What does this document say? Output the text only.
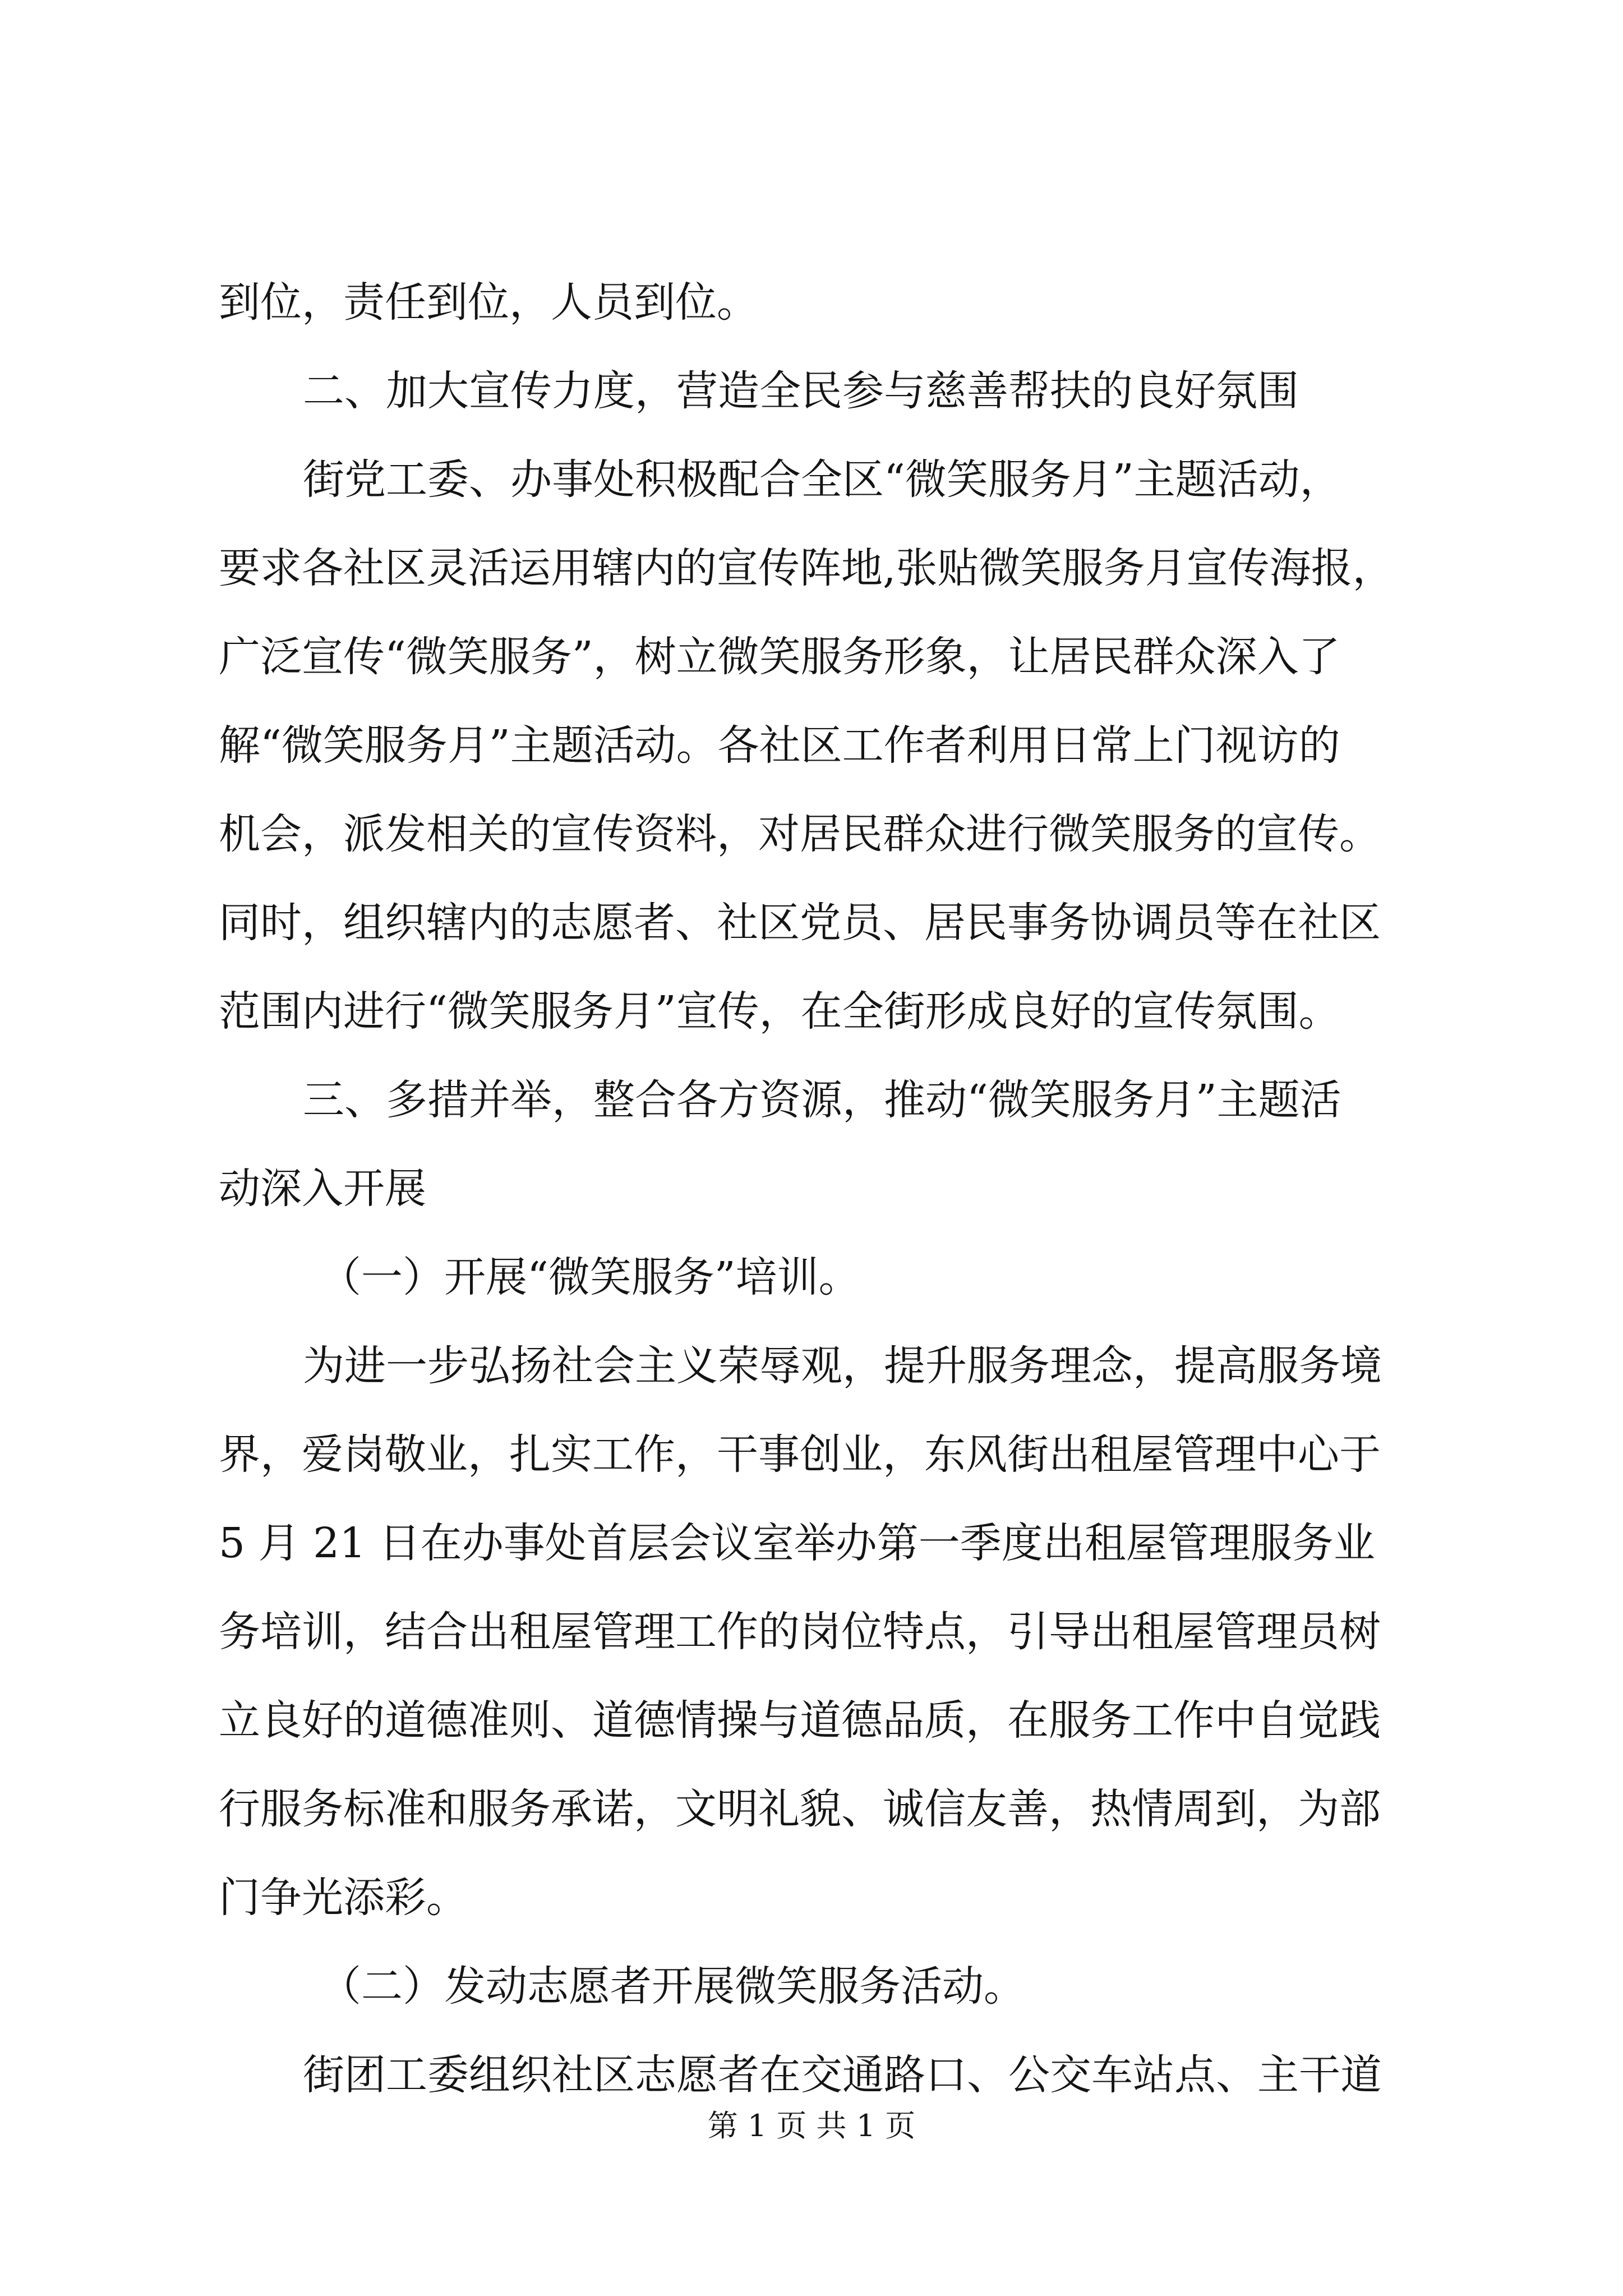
到位，责任到位，人员到位。

二、加大宣传力度，营造全民参与慈善帮扶的良好氛围

街党工委、办事处积极配合全区“微笑服务月”主题活动，

要求各社区灵活运用辖内的宣传阵地,张贴微笑服务月宣传海报，

广泛宣传“微笑服务”，树立微笑服务形象，让居民群众深入了

解“微笑服务月”主题活动。各社区工作者利用日常上门视访的

机会，派发相关的宣传资料，对居民群众进行微笑服务的宣传。

同时，组织辖内的志愿者、社区党员、居民事务协调员等在社区

范围内进行“微笑服务月”宣传，在全街形成良好的宣传氛围。

三、多措并举，整合各方资源，推动“微笑服务月”主题活

动深入开展

（一）开展“微笑服务”培训。

为进一步弘扬社会主义荣辱观，提升服务理念，提高服务境

界，爱岗敬业，扎实工作，干事创业，东风街出租屋管理中心于

5 月 21 日在办事处首层会议室举办第一季度出租屋管理服务业

务培训，结合出租屋管理工作的岗位特点，引导出租屋管理员树

立良好的道德准则、道德情操与道德品质，在服务工作中自觉践

行服务标准和服务承诺，文明礼貌、诚信友善，热情周到，为部

门争光添彩。

（二）发动志愿者开展微笑服务活动。

街团工委组织社区志愿者在交通路口、公交车站点、主干道

第 1 页 共 1 页
